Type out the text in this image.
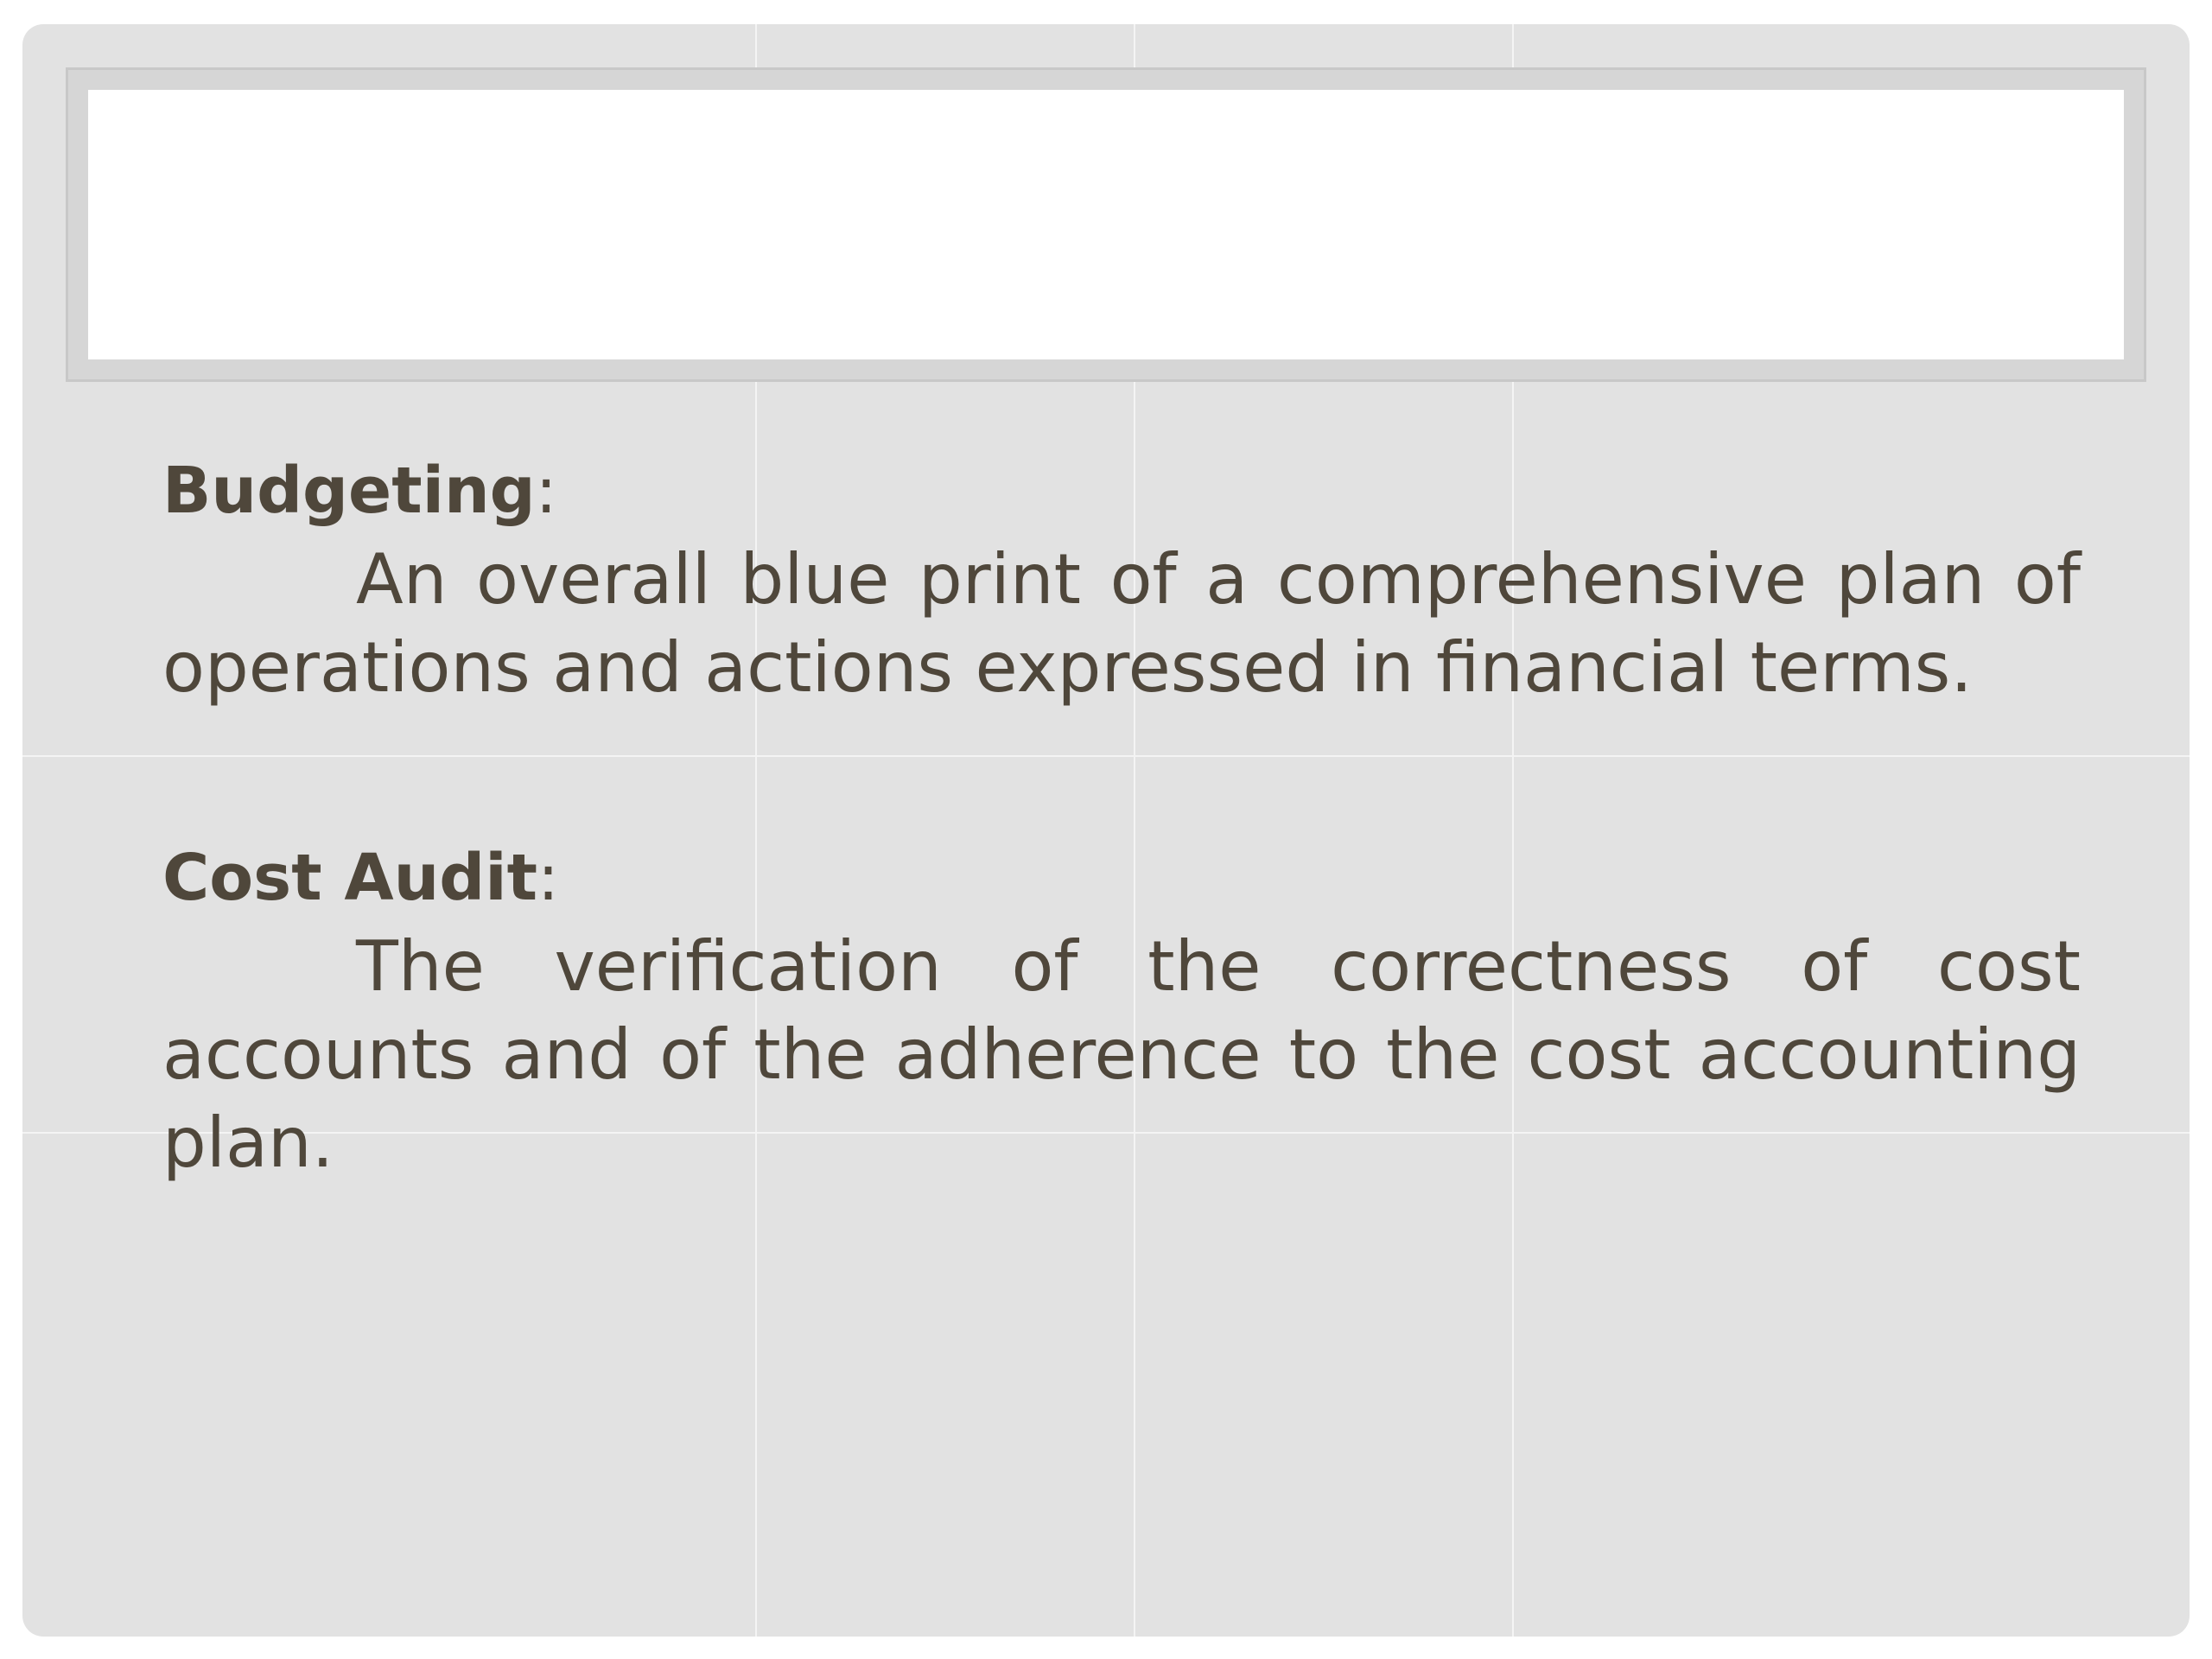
Budgeting:

An overall blue print of a comprehensive plan of operations and actions expressed in financial terms.

Cost Audit:

The verification of the correctness of cost accounts and of the adherence to the cost accounting plan.
